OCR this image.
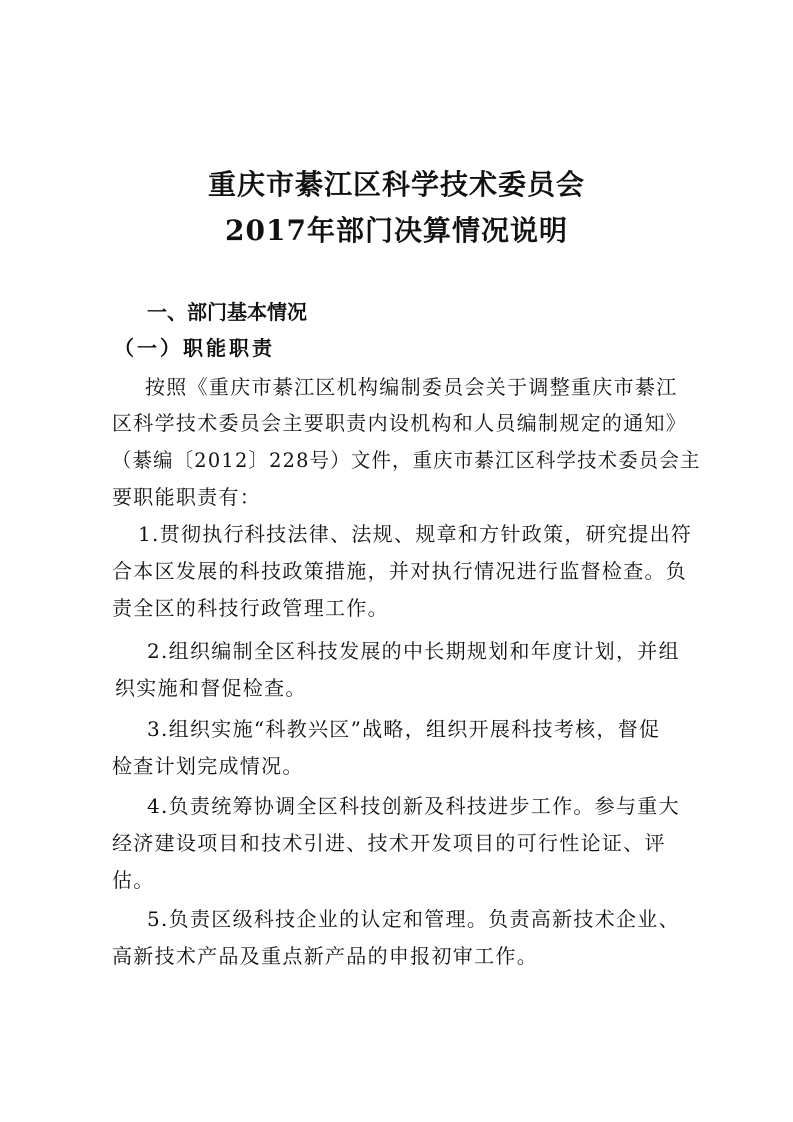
重庆市綦江区科学技术委员会
2017年部门决算情况说明
一、部门基本情况
（一）职能职责
按照《重庆市綦江区机构编制委员会关于调整重庆市綦江
区科学技术委员会主要职责内设机构和人员编制规定的通知》
（綦编〔2012〕228号）文件，重庆市綦江区科学技术委员会主
要职能职责有：
1.贯彻执行科技法律、法规、规章和方针政策，研究提出符
合本区发展的科技政策措施，并对执行情况进行监督检查。负
责全区的科技行政管理工作。
2.组织编制全区科技发展的中长期规划和年度计划，并组
织实施和督促检查。
3.组织实施“科教兴区”战略，组织开展科技考核，督促
检查计划完成情况。
4.负责统筹协调全区科技创新及科技进步工作。参与重大
经济建设项目和技术引进、技术开发项目的可行性论证、评
估。
5.负责区级科技企业的认定和管理。负责高新技术企业、
高新技术产品及重点新产品的申报初审工作。
